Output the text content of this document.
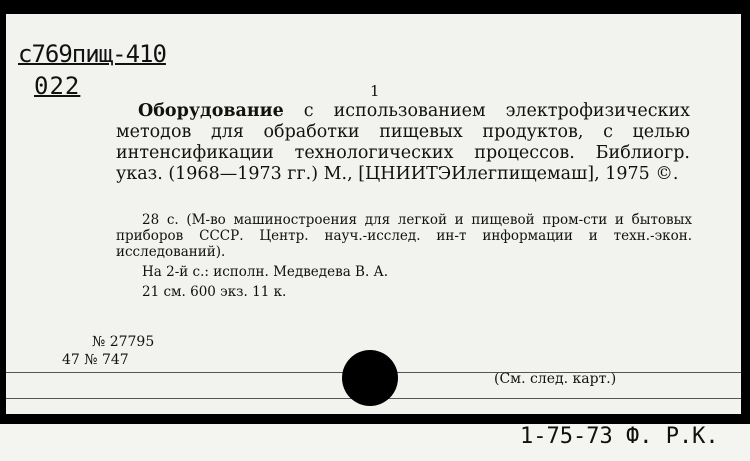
с769пищ-410
022	1
Оборудование с использованием электрофизических методов для обработки пищевых продуктов, с целью интенсификации технологических процессов. Библиогр. указ. (1968—1973 гг.) М., [ЦНИИТЭИлегпищемаш], 1975 ©.
28 с. (М-во машиностроения для легкой и пищевой пром-сти и бытовых приборов СССР. Центр. науч.-исслед. ин-т информации и техн.-экон. исследований).
На 2-й с.: исполн. Медведева В. А.
21 см. 600 экз. 11 к.
№ 27795
47 № 747
(См. след. карт.)
1-75-73 Ф. Р.К.
